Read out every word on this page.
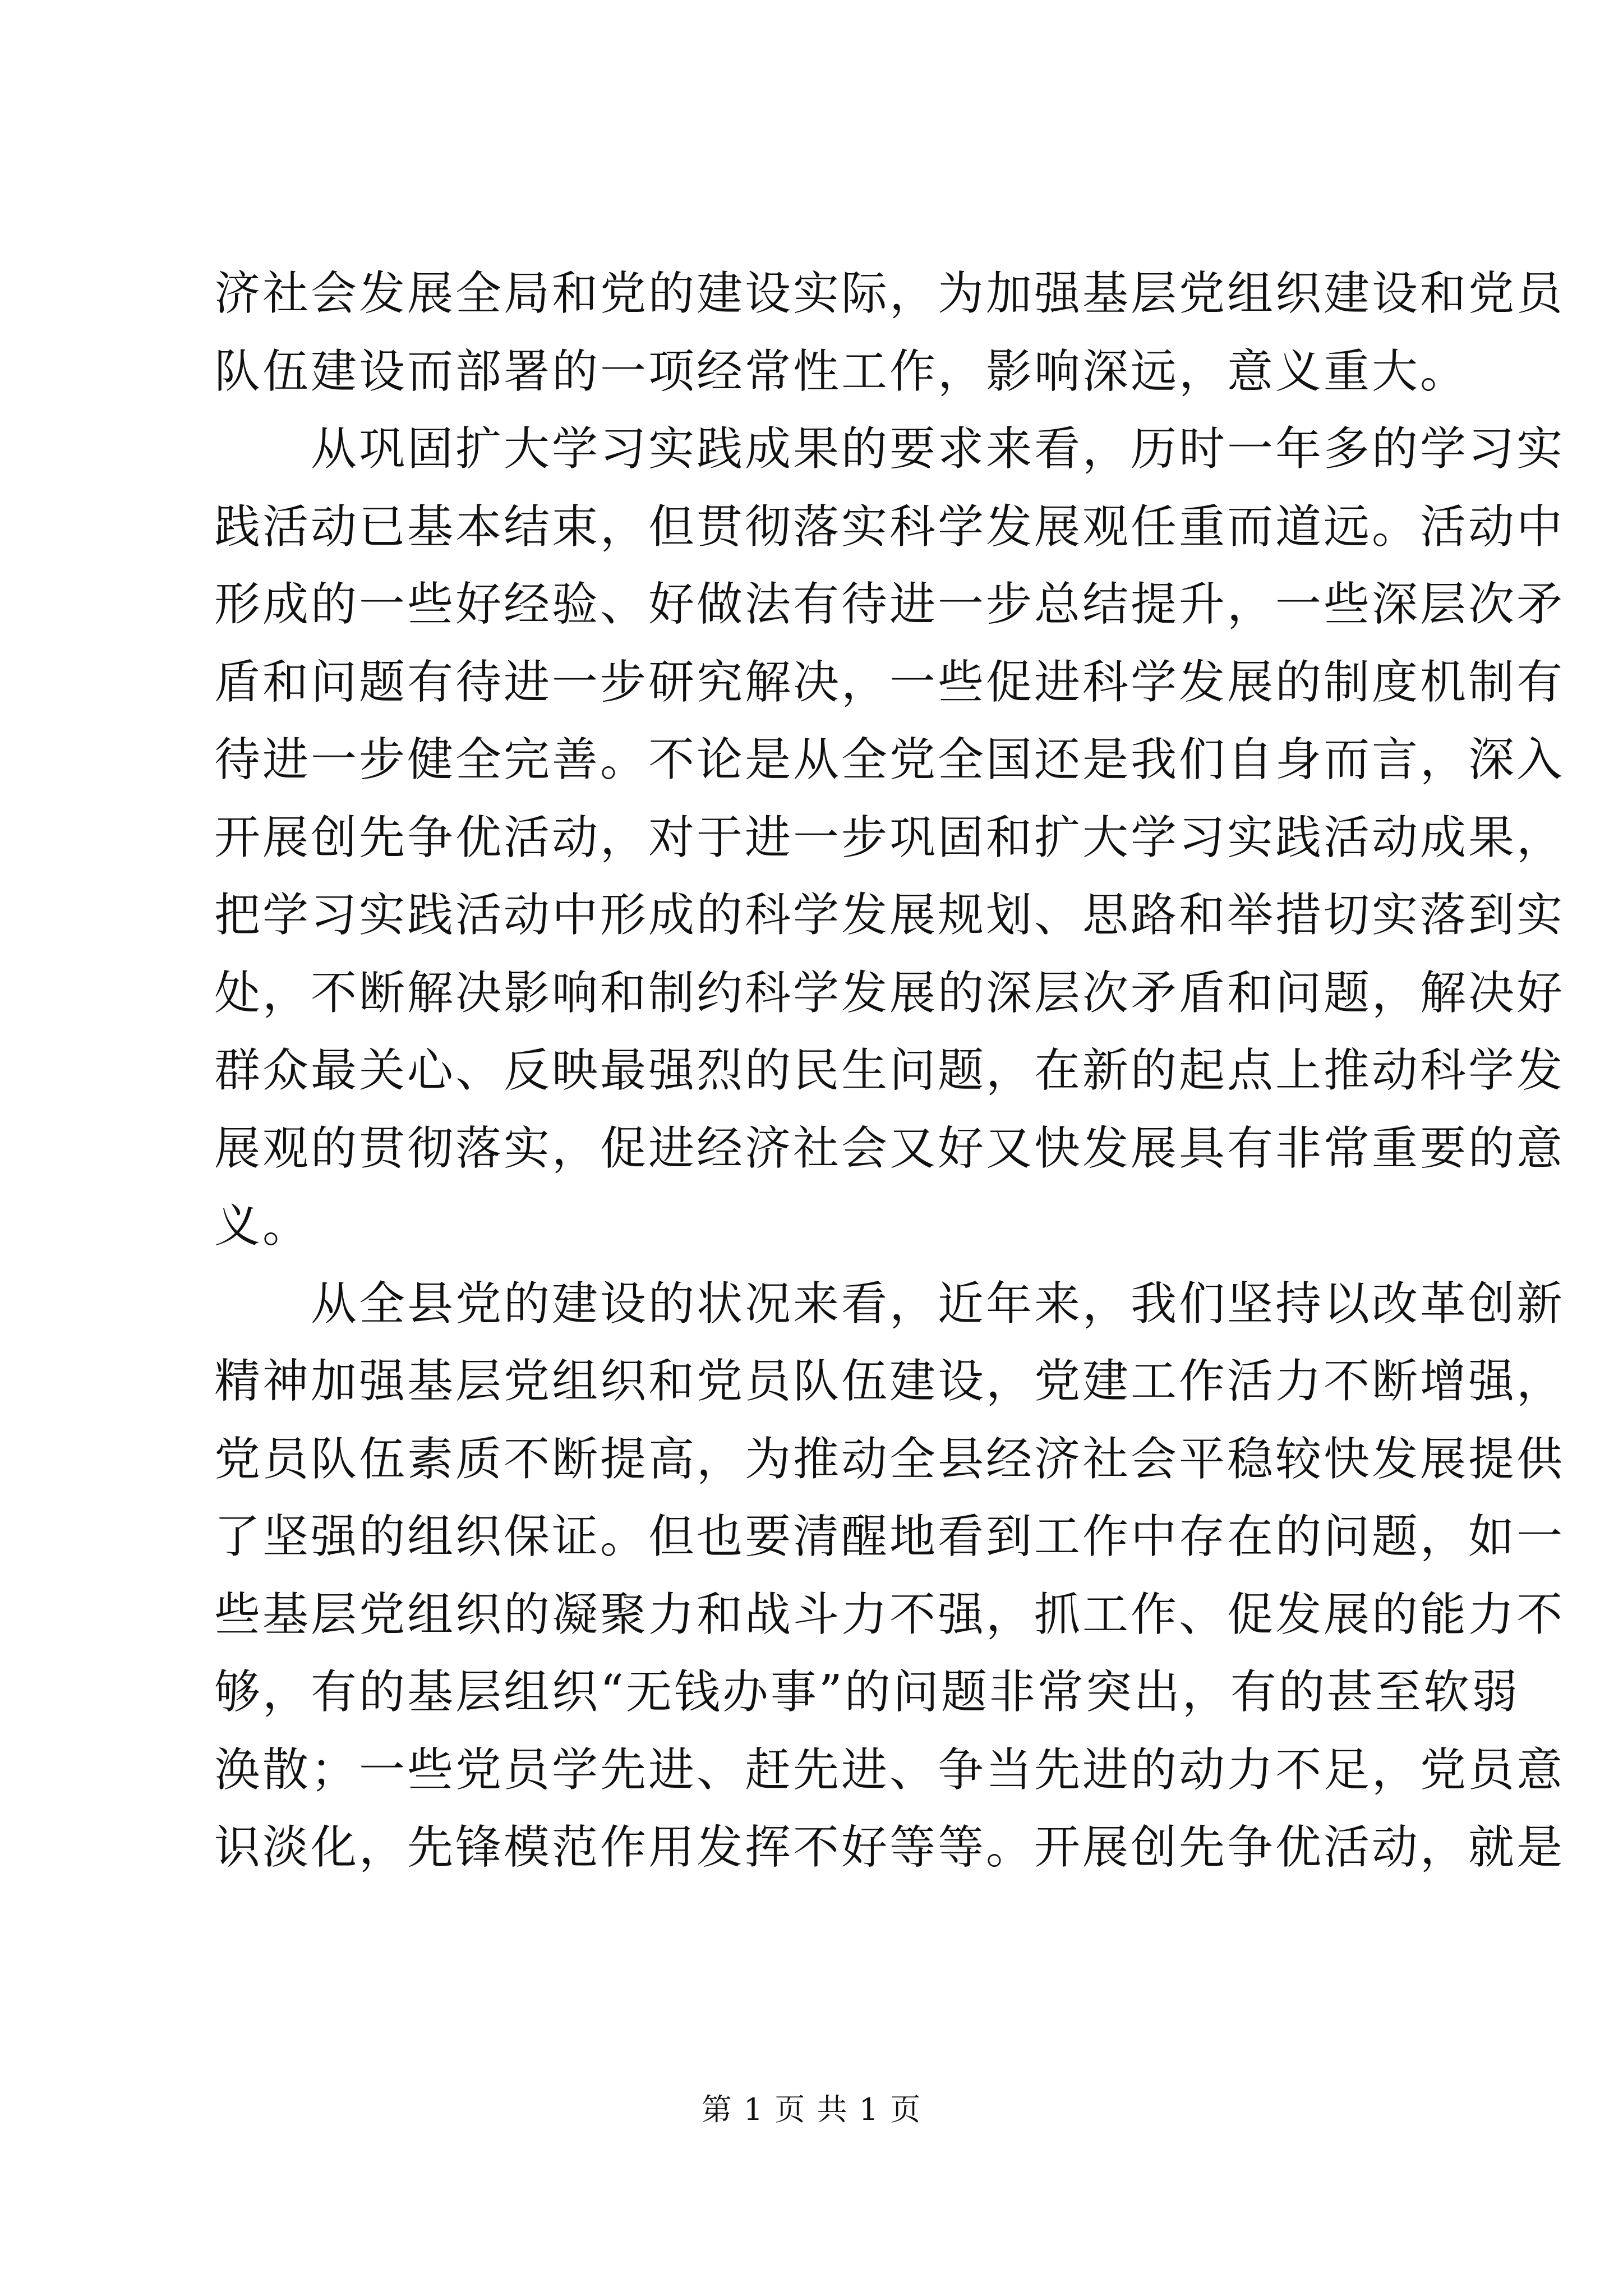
济社会发展全局和党的建设实际，为加强基层党组织建设和党员
队伍建设而部署的一项经常性工作，影响深远，意义重大。
　　从巩固扩大学习实践成果的要求来看，历时一年多的学习实
践活动已基本结束，但贯彻落实科学发展观任重而道远。活动中
形成的一些好经验、好做法有待进一步总结提升，一些深层次矛
盾和问题有待进一步研究解决，一些促进科学发展的制度机制有
待进一步健全完善。不论是从全党全国还是我们自身而言，深入
开展创先争优活动，对于进一步巩固和扩大学习实践活动成果，
把学习实践活动中形成的科学发展规划、思路和举措切实落到实
处，不断解决影响和制约科学发展的深层次矛盾和问题，解决好
群众最关心、反映最强烈的民生问题，在新的起点上推动科学发
展观的贯彻落实，促进经济社会又好又快发展具有非常重要的意
义。
　　从全县党的建设的状况来看，近年来，我们坚持以改革创新
精神加强基层党组织和党员队伍建设，党建工作活力不断增强，
党员队伍素质不断提高，为推动全县经济社会平稳较快发展提供
了坚强的组织保证。但也要清醒地看到工作中存在的问题，如一
些基层党组织的凝聚力和战斗力不强，抓工作、促发展的能力不
够，有的基层组织“无钱办事”的问题非常突出，有的甚至软弱
涣散；一些党员学先进、赶先进、争当先进的动力不足，党员意
识淡化，先锋模范作用发挥不好等等。开展创先争优活动，就是
第 1 页 共 1 页
